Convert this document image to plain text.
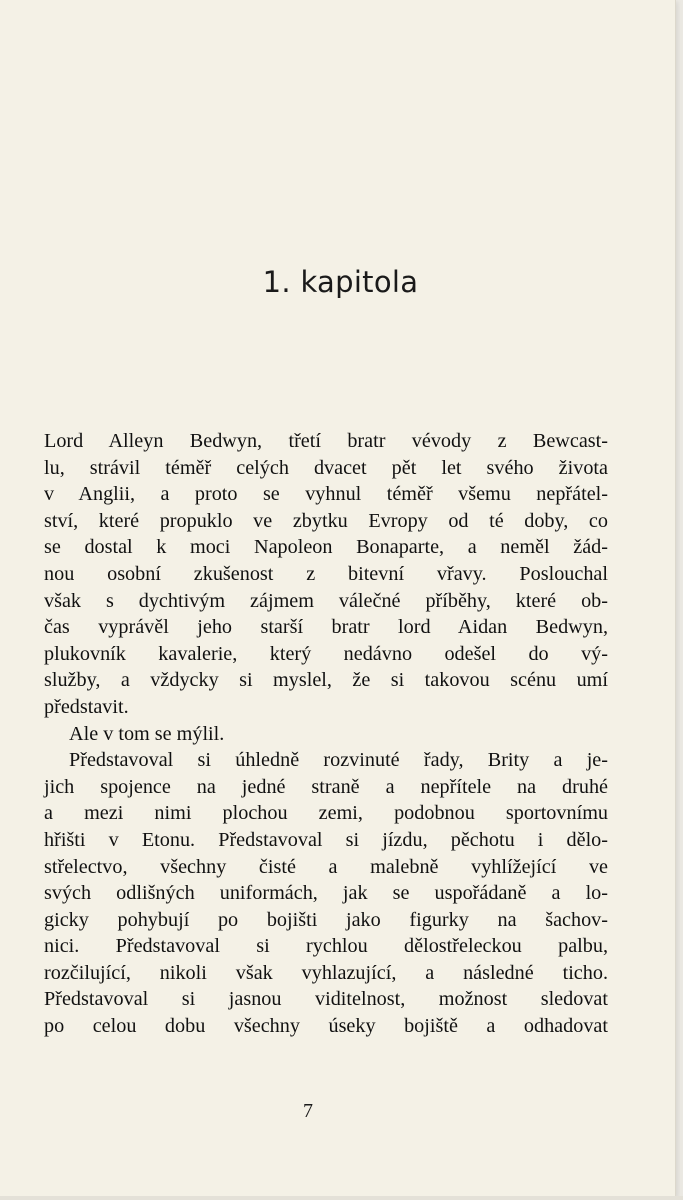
1. kapitola
Lord Alleyn Bedwyn, třetí bratr vévody z Bewcast-
lu, strávil téměř celých dvacet pět let svého života
v Anglii, a proto se vyhnul téměř všemu nepřátel-
ství, které propuklo ve zbytku Evropy od té doby, co
se dostal k moci Napoleon Bonaparte, a neměl žád-
nou osobní zkušenost z bitevní vřavy. Poslouchal
však s dychtivým zájmem válečné příběhy, které ob-
čas vyprávěl jeho starší bratr lord Aidan Bedwyn,
plukovník kavalerie, který nedávno odešel do vý-
služby, a vždycky si myslel, že si takovou scénu umí
představit.
Ale v tom se mýlil.
Představoval si úhledně rozvinuté řady, Brity a je-
jich spojence na jedné straně a nepřítele na druhé
a mezi nimi plochou zemi, podobnou sportovnímu
hřišti v Etonu. Představoval si jízdu, pěchotu i dělo-
střelectvo, všechny čisté a malebně vyhlížející ve
svých odlišných uniformách, jak se uspořádaně a lo-
gicky pohybují po bojišti jako figurky na šachov-
nici. Představoval si rychlou dělostřeleckou palbu,
rozčilující, nikoli však vyhlazující, a následné ticho.
Představoval si jasnou viditelnost, možnost sledovat
po celou dobu všechny úseky bojiště a odhadovat
7
